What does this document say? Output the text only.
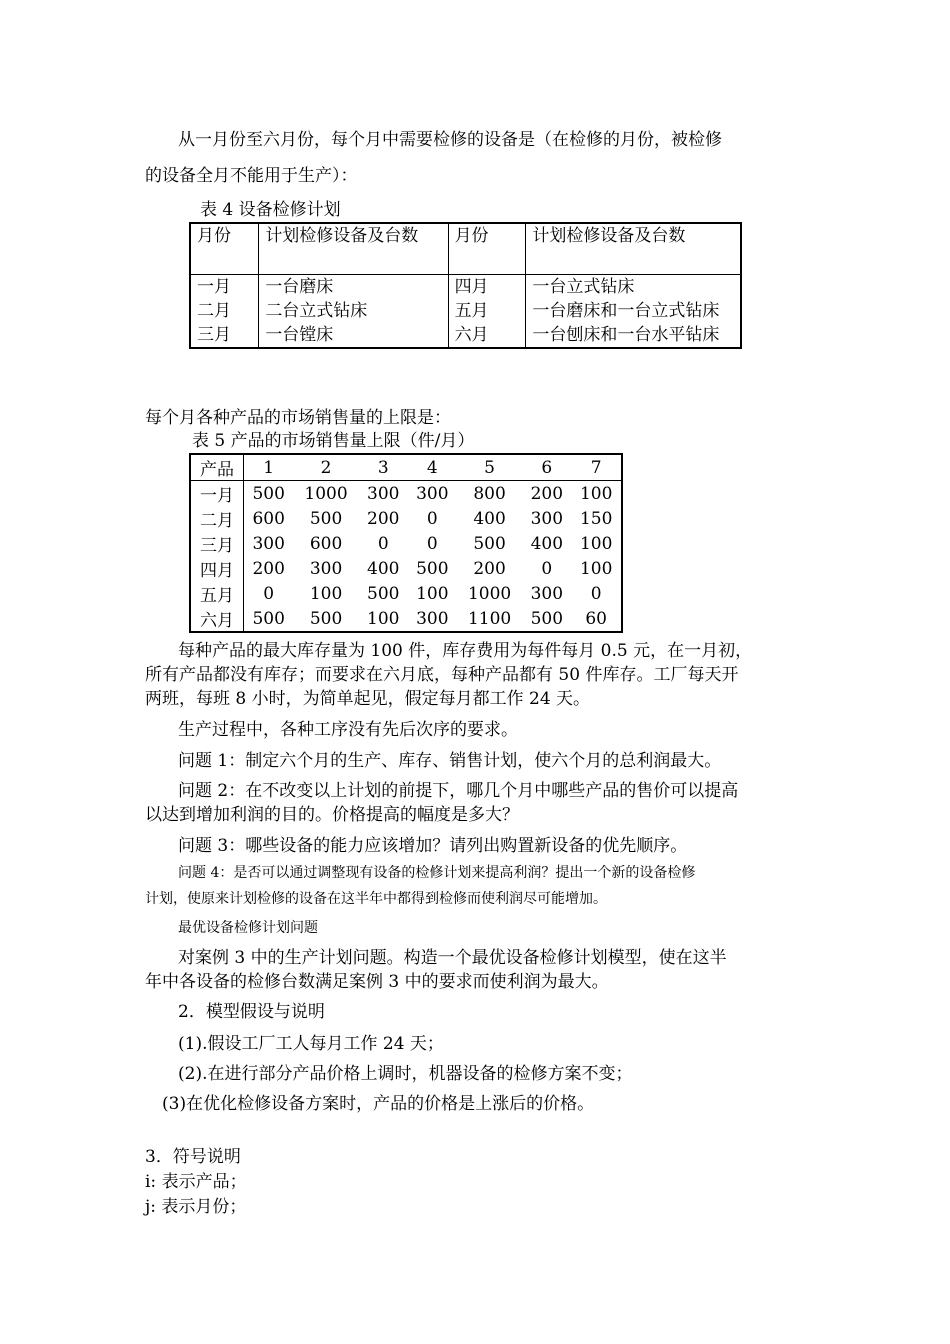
从一月份至六月份，每个月中需要检修的设备是（在检修的月份，被检修
的设备全月不能用于生产）：
表 4 设备检修计划
月份	计划检修设备及台数	月份	计划检修设备及台数
一月	一台磨床	四月	一台立式钻床
二月	二台立式钻床	五月	一台磨床和一台立式钻床
三月	一台镗床	六月	一台刨床和一台水平钻床
每个月各种产品的市场销售量的上限是：
表 5 产品的市场销售量上限（件/月）
产品	1	2	3	4	5	6	7
一月	500	1000	300	300	800	200	100
二月	600	500	200	0	400	300	150
三月	300	600	0	0	500	400	100
四月	200	300	400	500	200	0	100
五月	0	100	500	100	1000	300	0
六月	500	500	100	300	1100	500	60
每种产品的最大库存量为 100 件，库存费用为每件每月 0.5 元，在一月初，
所有产品都没有库存；而要求在六月底，每种产品都有 50 件库存。工厂每天开
两班，每班 8 小时，为简单起见，假定每月都工作 24 天。
生产过程中，各种工序没有先后次序的要求。
问题 1：制定六个月的生产、库存、销售计划，使六个月的总利润最大。
问题 2：在不改变以上计划的前提下，哪几个月中哪些产品的售价可以提高
以达到增加利润的目的。价格提高的幅度是多大？
问题 3：哪些设备的能力应该增加？请列出购置新设备的优先顺序。
问题 4：是否可以通过调整现有设备的检修计划来提高利润？提出一个新的设备检修
计划，使原来计划检修的设备在这半年中都得到检修而使利润尽可能增加。
最优设备检修计划问题
对案例 3 中的生产计划问题。构造一个最优设备检修计划模型，使在这半
年中各设备的检修台数满足案例 3 中的要求而使利润为最大。
2．模型假设与说明
(1).假设工厂工人每月工作 24 天；
(2).在进行部分产品价格上调时，机器设备的检修方案不变；
(3)在优化检修设备方案时，产品的价格是上涨后的价格。
3．符号说明
i: 表示产品；
j: 表示月份；
